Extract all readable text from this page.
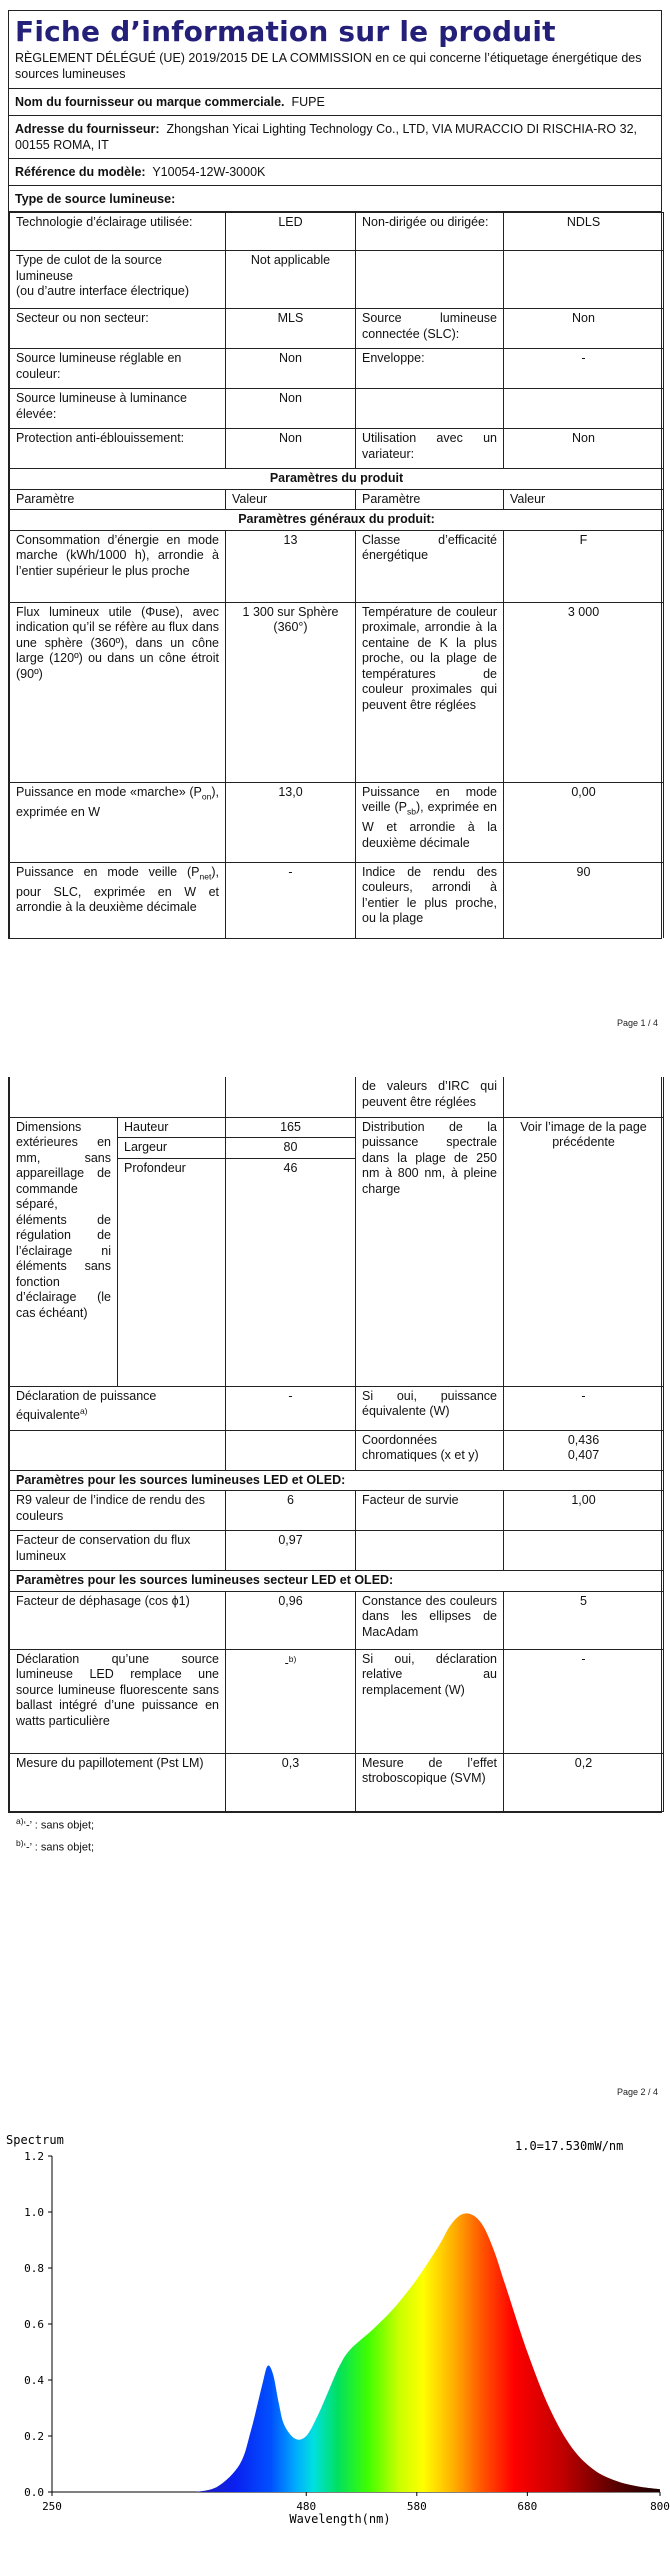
Fiche d’information sur le produit
RÈGLEMENT DÉLÉGUÉ (UE) 2019/2015 DE LA COMMISSION en ce qui concerne l’étiquetage énergétique des sources lumineuses
Nom du fournisseur ou marque commerciale. FUPE
Adresse du fournisseur: Zhongshan Yicai Lighting Technology Co., LTD, VIA MURACCIO DI RISCHIA-RO 32, 00155 ROMA, IT
Référence du modèle: Y10054-12W-3000K
Type de source lumineuse:
Technologie d’éclairage utilisée:	LED	Non-dirigée ou dirigée:	NDLS

Type de culot de la source lumineuse
(ou d’autre interface électrique)	Not applicable		
Secteur ou non secteur:	MLS	Source lumineuse connectée (SLC):	Non
Source lumineuse réglable en couleur:	Non	Enveloppe:	-
Source lumineuse à luminance élevée:	Non		
Protection anti-éblouissement:	Non	Utilisation avec un variateur:	Non
Paramètres du produit			
Paramètre	Valeur	Paramètre	Valeur
Paramètres généraux du produit:			
Consommation d’énergie en mode marche (kWh/1000 h), arrondie à l’entier supérieur le plus proche	13	Classe d’efficacité énergétique	F
Flux lumineux utile (Φuse), avec indication qu’il se réfère au flux dans une sphère (360º), dans un cône large (120º) ou dans un cône étroit (90º)	1 300 sur Sphère (360°)	Température de couleur proximale, arrondie à la centaine de K la plus proche, ou la plage de températures de couleur proximales qui peuvent être réglées	3 000
Puissance en mode «marche» $(P_{on})$, exprimée en W	13,0	Puissance en mode veille $(P_{sb})$, exprimée en W et arrondie à la deuxième décimale	0,00
Puissance en mode veille $(P_{net})$, pour SLC, exprimée en W et arrondie à la deuxième décimale	-	Indice de rendu des couleurs, arrondi à l’entier le plus proche, ou la plage	90
Page 1 / 4
			de valeurs d’IRC qui peuvent être réglées	
Dimensions extérieures en mm, sans appareillage de commande séparé, éléments de régulation de l’éclairage ni éléments sans fonction d’éclairage (le cas échéant)	Hauteur	165	Distribution de la puissance spectrale dans la plage de 250 nm à 800 nm, à pleine charge	Voir l’image de la page précédente
	Largeur	80		
	Profondeur	46		

Déclaration de puissance équivalente$^{a)}$		-	Si oui, puissance équivalente (W)	-
			Coordonnées chromatiques (x et y)	0,436
0,407
Paramètres pour les sources lumineuses LED et OLED:				
R9 valeur de l’indice de rendu des couleurs		6	Facteur de survie	1,00
Facteur de conservation du flux lumineux		0,97		
Paramètres pour les sources lumineuses secteur LED et OLED:				
Facteur de déphasage (cos ϕ1)		0,96	Constance des couleurs dans les ellipses de MacAdam	5
Déclaration qu’une source lumineuse LED remplace une source lumineuse fluorescente sans ballast intégré d’une puissance en watts particulière		-$^{b)}$	Si oui, déclaration relative au remplacement (W)	-
Mesure du papillotement (Pst LM)		0,3	Mesure de l’effet stroboscopique (SVM)	0,2
$^{a)}$‘-’ : sans objet;
$^{b)}$‘-’ : sans objet;
Page 2 / 4
Spectrum	1.0=17.530mW/nm
0.0
0.2
0.4
0.6
0.8
1.0
1.2
250	480	580	680	800
Wavelength(nm)
